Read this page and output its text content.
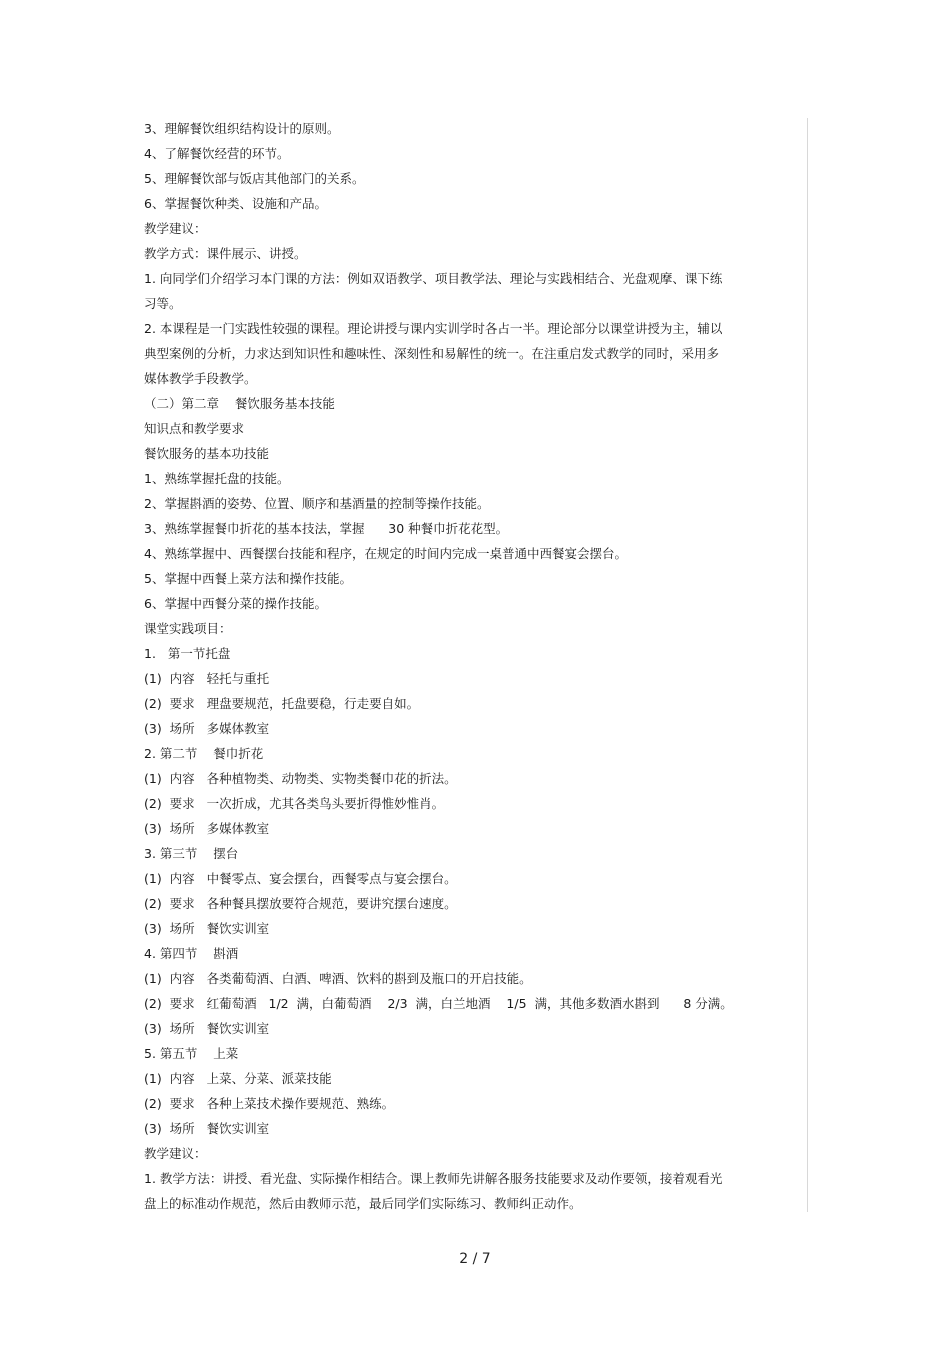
3、理解餐饮组织结构设计的原则。
4、了解餐饮经营的环节。
5、理解餐饮部与饭店其他部门的关系。
6、掌握餐饮种类、设施和产品。
教学建议：
教学方式：课件展示、讲授。
1. 向同学们介绍学习本门课的方法：例如双语教学、项目教学法、理论与实践相结合、光盘观摩、课下练
习等。
2. 本课程是一门实践性较强的课程。理论讲授与课内实训学时各占一半。理论部分以课堂讲授为主，辅以
典型案例的分析，力求达到知识性和趣味性、深刻性和易解性的统一。在注重启发式教学的同时，采用多
媒体教学手段教学。
（二）第二章    餐饮服务基本技能
知识点和教学要求
餐饮服务的基本功技能
1、熟练掌握托盘的技能。
2、掌握斟酒的姿势、位置、顺序和基酒量的控制等操作技能。
3、熟练掌握餐巾折花的基本技法，掌握      30 种餐巾折花花型。
4、熟练掌握中、西餐摆台技能和程序，在规定的时间内完成一桌普通中西餐宴会摆台。
5、掌握中西餐上菜方法和操作技能。
6、掌握中西餐分菜的操作技能。
课堂实践项目：
1.   第一节托盘
(1)  内容   轻托与重托
(2)  要求   理盘要规范，托盘要稳，行走要自如。
(3)  场所   多媒体教室
2. 第二节    餐巾折花
(1)  内容   各种植物类、动物类、实物类餐巾花的折法。
(2)  要求   一次折成，尤其各类鸟头要折得惟妙惟肖。
(3)  场所   多媒体教室
3. 第三节    摆台
(1)  内容   中餐零点、宴会摆台，西餐零点与宴会摆台。
(2)  要求   各种餐具摆放要符合规范，要讲究摆台速度。
(3)  场所   餐饮实训室
4. 第四节    斟酒
(1)  内容   各类葡萄酒、白酒、啤酒、饮料的斟到及瓶口的开启技能。
(2)  要求   红葡萄酒   1/2  满，白葡萄酒    2/3  满，白兰地酒    1/5  满，其他多数酒水斟到      8 分满。
(3)  场所   餐饮实训室
5. 第五节    上菜
(1)  内容   上菜、分菜、派菜技能
(2)  要求   各种上菜技术操作要规范、熟练。
(3)  场所   餐饮实训室
教学建议：
1. 教学方法：讲授、看光盘、实际操作相结合。课上教师先讲解各服务技能要求及动作要领，接着观看光
盘上的标准动作规范，然后由教师示范，最后同学们实际练习、教师纠正动作。
2 / 7
